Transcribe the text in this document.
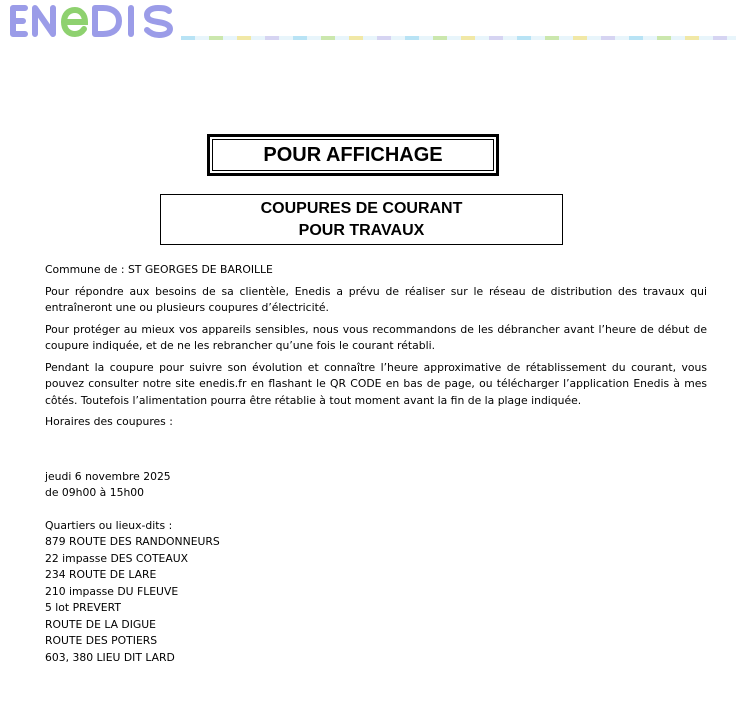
POUR AFFICHAGE
COUPURES DE COURANT
POUR TRAVAUX

Commune de : ST GEORGES DE BAROILLE

Pour répondre aux besoins de sa clientèle, Enedis a prévu de réaliser sur le réseau de distribution des travaux qui entraîneront une ou plusieurs coupures d’électricité.

Pour protéger au mieux vos appareils sensibles, nous vous recommandons de les débrancher avant l’heure de début de coupure indiquée, et de ne les rebrancher qu’une fois le courant rétabli.

Pendant la coupure pour suivre son évolution et connaître l’heure approximative de rétablissement du courant, vous pouvez consulter notre site enedis.fr en flashant le QR CODE en bas de page, ou télécharger l’application Enedis à mes côtés. Toutefois l’alimentation pourra être rétablie à tout moment avant la fin de la plage indiquée.

Horaires des coupures :
jeudi 6 novembre 2025
de 09h00 à 15h00
Quartiers ou lieux-dits :
879 ROUTE DES RANDONNEURS
22 impasse DES COTEAUX
234 ROUTE DE LARE
210 impasse DU FLEUVE
5 lot PREVERT
ROUTE DE LA DIGUE
ROUTE DES POTIERS
603, 380 LIEU DIT LARD
